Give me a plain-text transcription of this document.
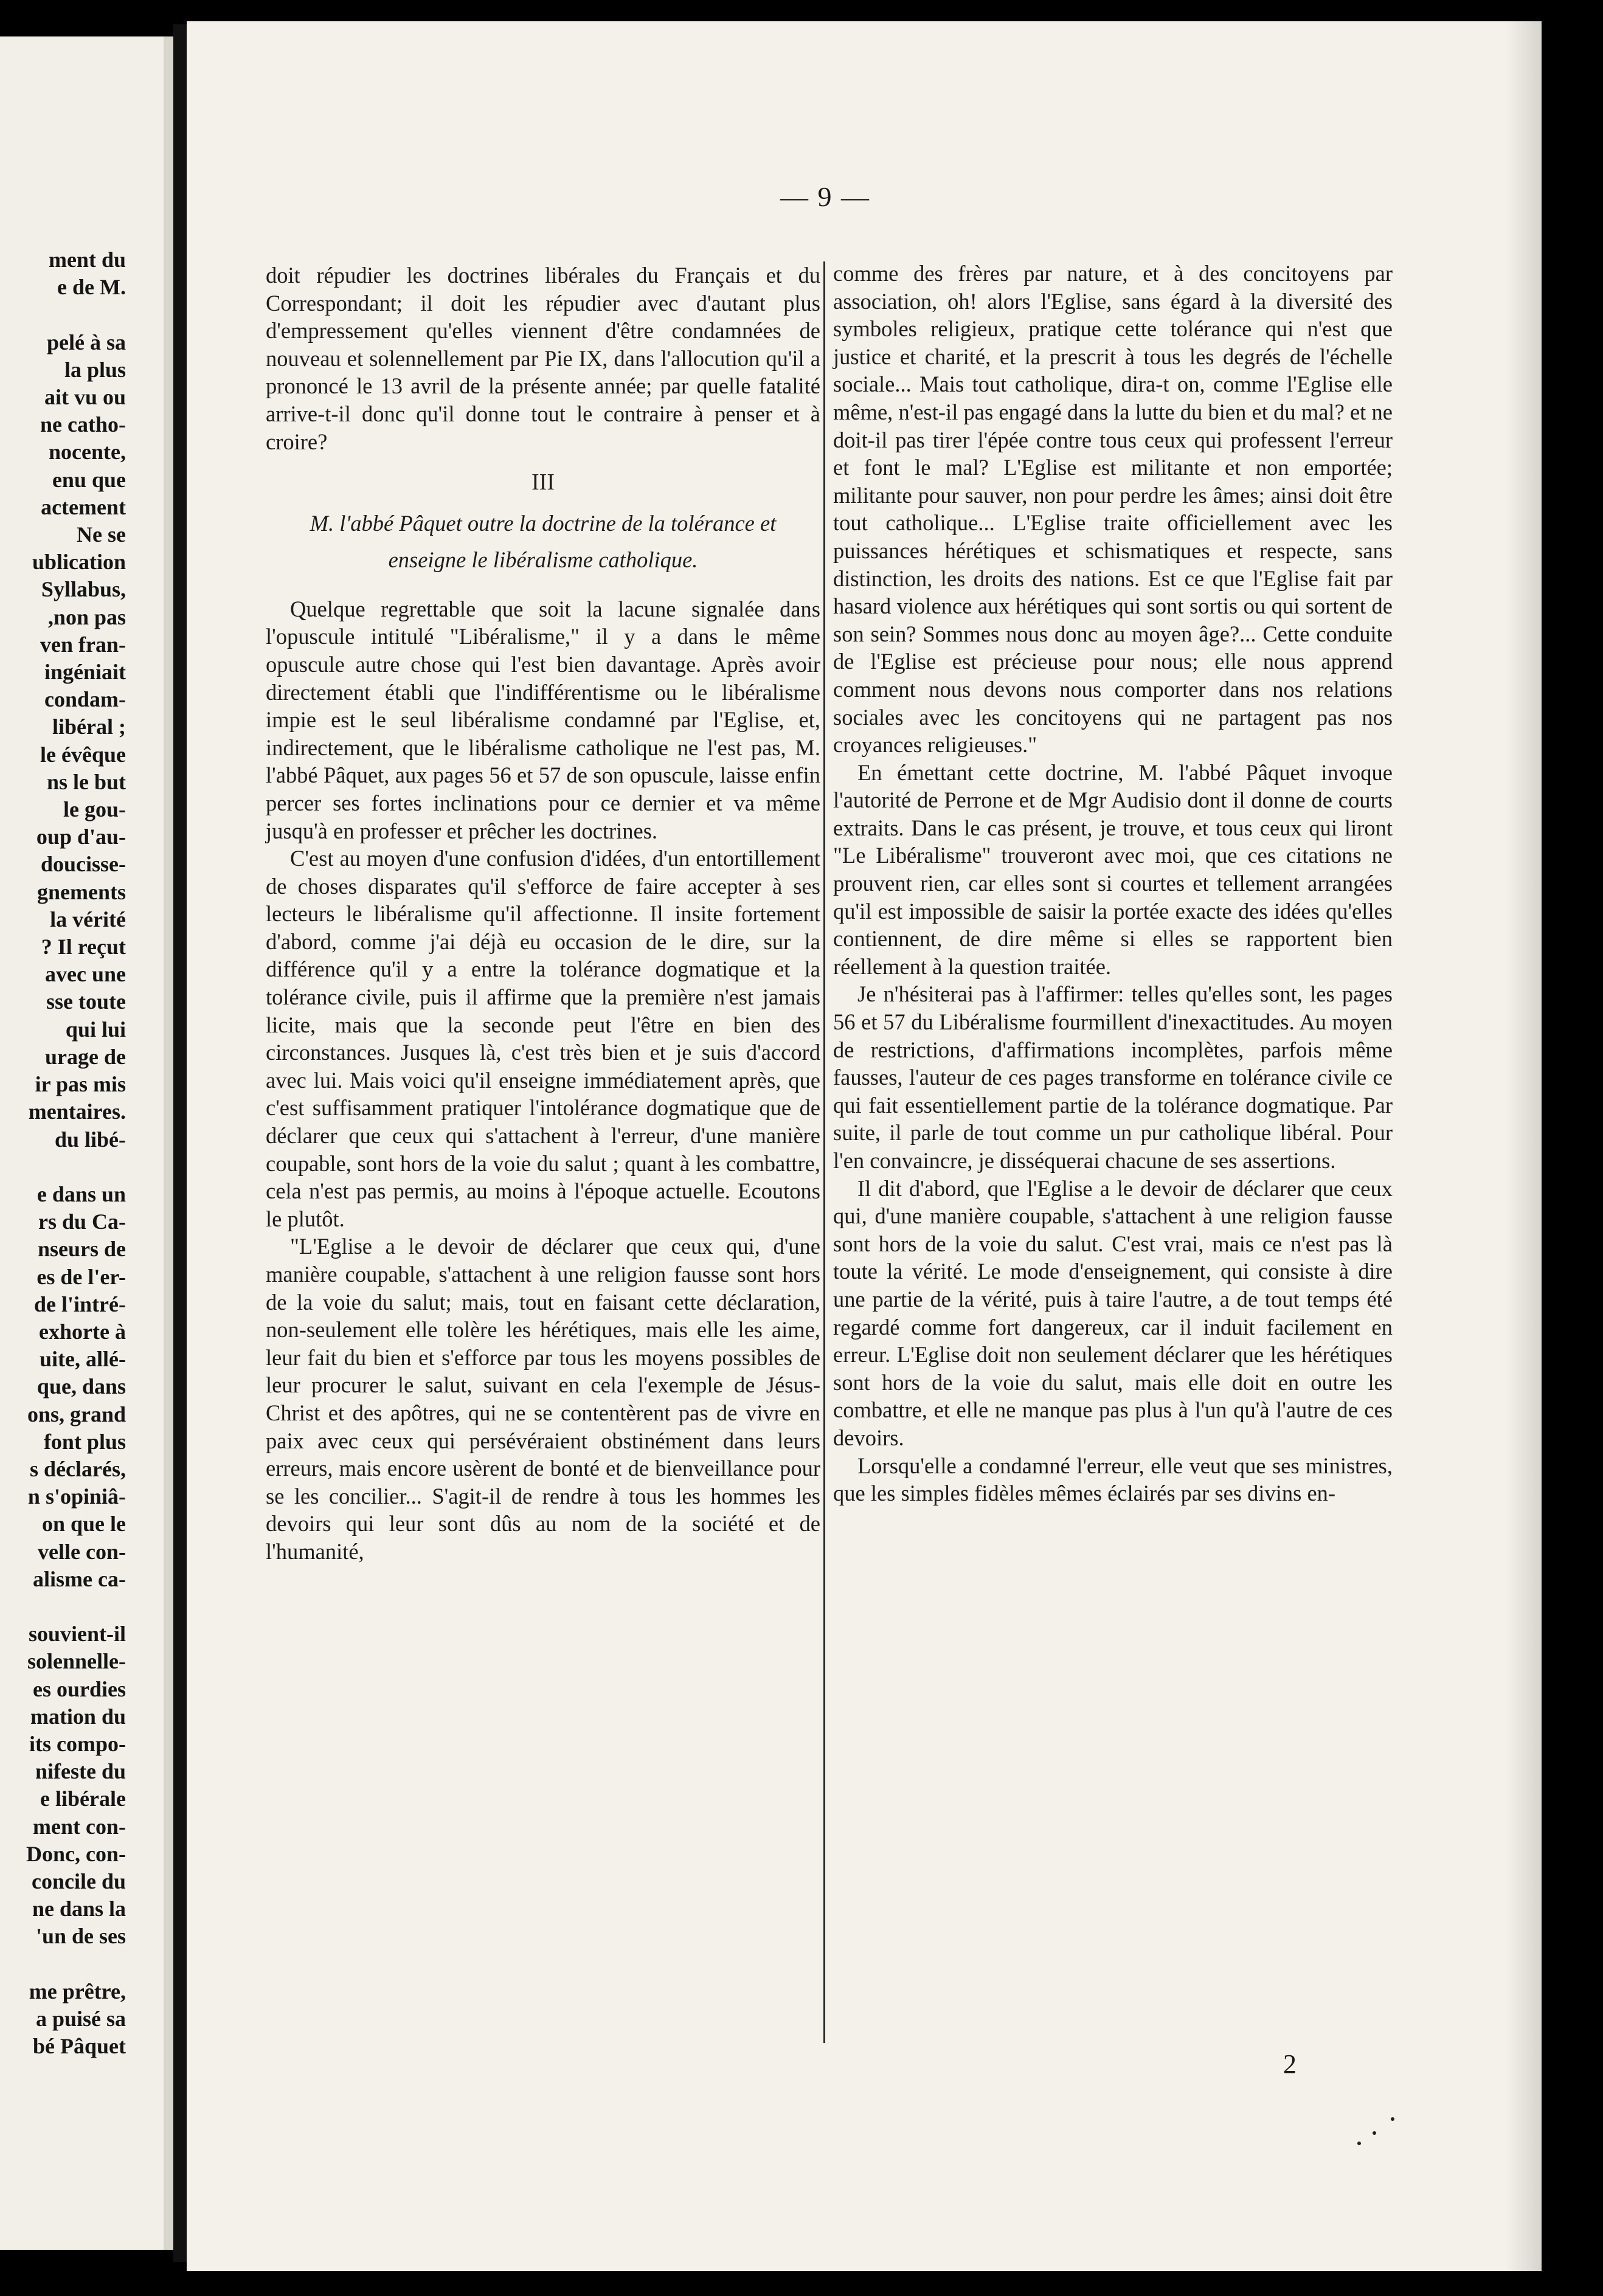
ment du
e de M.

pelé à sa
la plus
ait vu ou
ne catho-
nocente,
enu que
actement
Ne se
ublication
Syllabus,
,non pas
ven fran-
ingéniait
condam-
libéral ;
le évêque
ns le but
le gou-
oup d'au-
doucisse-
gnements
la vérité
? Il reçut
avec une
sse toute
qui lui
urage de
ir pas mis
mentaires.
du libé-

e dans un
rs du Ca-
nseurs de
es de l'er-
de l'intré-
exhorte à
uite, allé-
que, dans
ons, grand
font plus
s déclarés,
n s'opiniâ-
on que le
velle con-
alisme ca-

souvient-il
solennelle-
es ourdies
mation du
its compo-
nifeste du
e libérale
ment con-
Donc, con-
concile du
ne dans la
'un de ses

me prêtre,
a puisé sa
bé Pâquet
— 9 —

doit répudier les doctrines libérales du Français et du Correspondant; il doit les répudier avec d'autant plus d'empressement qu'elles viennent d'être condamnées de nouveau et solennellement par Pie IX, dans l'allocution qu'il a prononcé le 13 avril de la présente année; par quelle fatalité arrive-t-il donc qu'il donne tout le contraire à penser et à croire?

III
M. l'abbé Pâquet outre la doctrine de la tolérance et enseigne le libéralisme catholique.

Quelque regrettable que soit la lacune signalée dans l'opuscule intitulé "Libéralisme," il y a dans le même opuscule autre chose qui l'est bien davantage. Après avoir directement établi que l'indifférentisme ou le libéralisme impie est le seul libéralisme condamné par l'Eglise, et, indirectement, que le libéralisme catholique ne l'est pas, M. l'abbé Pâquet, aux pages 56 et 57 de son opuscule, laisse enfin percer ses fortes inclinations pour ce dernier et va même jusqu'à en professer et prêcher les doctrines.

C'est au moyen d'une confusion d'idées, d'un entortillement de choses disparates qu'il s'efforce de faire accepter à ses lecteurs le libéralisme qu'il affectionne. Il insite fortement d'abord, comme j'ai déjà eu occasion de le dire, sur la différence qu'il y a entre la tolérance dogmatique et la tolérance civile, puis il affirme que la première n'est jamais licite, mais que la seconde peut l'être en bien des circonstances. Jusques là, c'est très bien et je suis d'accord avec lui. Mais voici qu'il enseigne immédiatement après, que c'est suffisamment pratiquer l'intolérance dogmatique que de déclarer que ceux qui s'attachent à l'erreur, d'une manière coupable, sont hors de la voie du salut ; quant à les combattre, cela n'est pas permis, au moins à l'époque actuelle. Ecoutons le plutôt.

"L'Eglise a le devoir de déclarer que ceux qui, d'une manière coupable, s'attachent à une religion fausse sont hors de la voie du salut; mais, tout en faisant cette déclaration, non-seulement elle tolère les hérétiques, mais elle les aime, leur fait du bien et s'efforce par tous les moyens possibles de leur procurer le salut, suivant en cela l'exemple de Jésus-Christ et des apôtres, qui ne se contentèrent pas de vivre en paix avec ceux qui persévéraient obstinément dans leurs erreurs, mais encore usèrent de bonté et de bienveillance pour se les concilier... S'agit-il de rendre à tous les hommes les devoirs qui leur sont dûs au nom de la société et de l'humanité,

comme des frères par nature, et à des concitoyens par association, oh! alors l'Eglise, sans égard à la diversité des symboles religieux, pratique cette tolérance qui n'est que justice et charité, et la prescrit à tous les degrés de l'échelle sociale... Mais tout catholique, dira-t on, comme l'Eglise elle même, n'est-il pas engagé dans la lutte du bien et du mal? et ne doit-il pas tirer l'épée contre tous ceux qui professent l'erreur et font le mal? L'Eglise est militante et non emportée; militante pour sauver, non pour perdre les âmes; ainsi doit être tout catholique... L'Eglise traite officiellement avec les puissances hérétiques et schismatiques et respecte, sans distinction, les droits des nations. Est ce que l'Eglise fait par hasard violence aux hérétiques qui sont sortis ou qui sortent de son sein? Sommes nous donc au moyen âge?... Cette conduite de l'Eglise est précieuse pour nous; elle nous apprend comment nous devons nous comporter dans nos relations sociales avec les concitoyens qui ne partagent pas nos croyances religieuses."

En émettant cette doctrine, M. l'abbé Pâquet invoque l'autorité de Perrone et de Mgr Audisio dont il donne de courts extraits. Dans le cas présent, je trouve, et tous ceux qui liront "Le Libéralisme" trouveront avec moi, que ces citations ne prouvent rien, car elles sont si courtes et tellement arrangées qu'il est impossible de saisir la portée exacte des idées qu'elles contiennent, de dire même si elles se rapportent bien réellement à la question traitée.

Je n'hésiterai pas à l'affirmer: telles qu'elles sont, les pages 56 et 57 du Libéralisme fourmillent d'inexactitudes. Au moyen de restrictions, d'affirmations incomplètes, parfois même fausses, l'auteur de ces pages transforme en tolérance civile ce qui fait essentiellement partie de la tolérance dogmatique. Par suite, il parle de tout comme un pur catholique libéral. Pour l'en convaincre, je disséquerai chacune de ses assertions.

Il dit d'abord, que l'Eglise a le devoir de déclarer que ceux qui, d'une manière coupable, s'attachent à une religion fausse sont hors de la voie du salut. C'est vrai, mais ce n'est pas là toute la vérité. Le mode d'enseignement, qui consiste à dire une partie de la vérité, puis à taire l'autre, a de tout temps été regardé comme fort dangereux, car il induit facilement en erreur. L'Eglise doit non seulement déclarer que les hérétiques sont hors de la voie du salut, mais elle doit en outre les combattre, et elle ne manque pas plus à l'un qu'à l'autre de ces devoirs.

Lorsqu'elle a condamné l'erreur, elle veut que ses ministres, que les simples fidèles mêmes éclairés par ses divins en-

2
